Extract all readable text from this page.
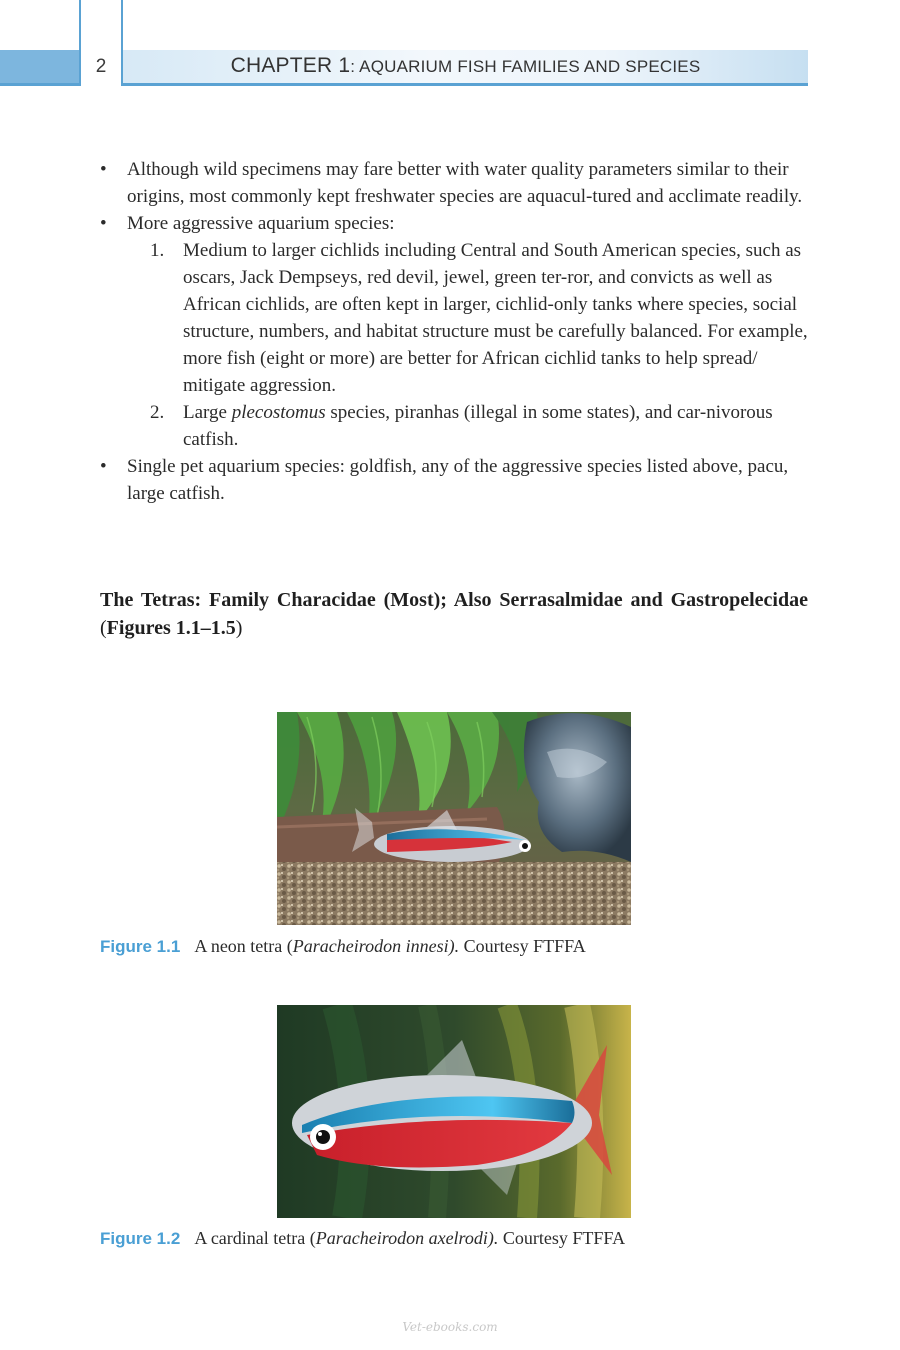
2	CHAPTER 1: AQUARIUM FISH FAMILIES AND SPECIES
• Although wild specimens may fare better with water quality parameters similar to their origins, most commonly kept freshwater species are aquacul-tured and acclimate readily.
• More aggressive aquarium species:
1. Medium to larger cichlids including Central and South American species, such as oscars, Jack Dempseys, red devil, jewel, green ter-ror, and convicts as well as African cichlids, are often kept in larger, cichlid-only tanks where species, social structure, numbers, and habitat structure must be carefully balanced. For example, more fish (eight or more) are better for African cichlid tanks to help spread/ mitigate aggression.
2. Large plecostomus species, piranhas (illegal in some states), and car-nivorous catfish.
• Single pet aquarium species: goldfish, any of the aggressive species listed above, pacu, large catfish.
The Tetras: Family Characidae (Most); Also Serrasalmidae and Gastropelecidae (Figures 1.1–1.5)
Figure 1.1 A neon tetra (Paracheirodon innesi). Courtesy FTFFA
Figure 1.2 A cardinal tetra (Paracheirodon axelrodi). Courtesy FTFFA
Vet-ebooks.com
